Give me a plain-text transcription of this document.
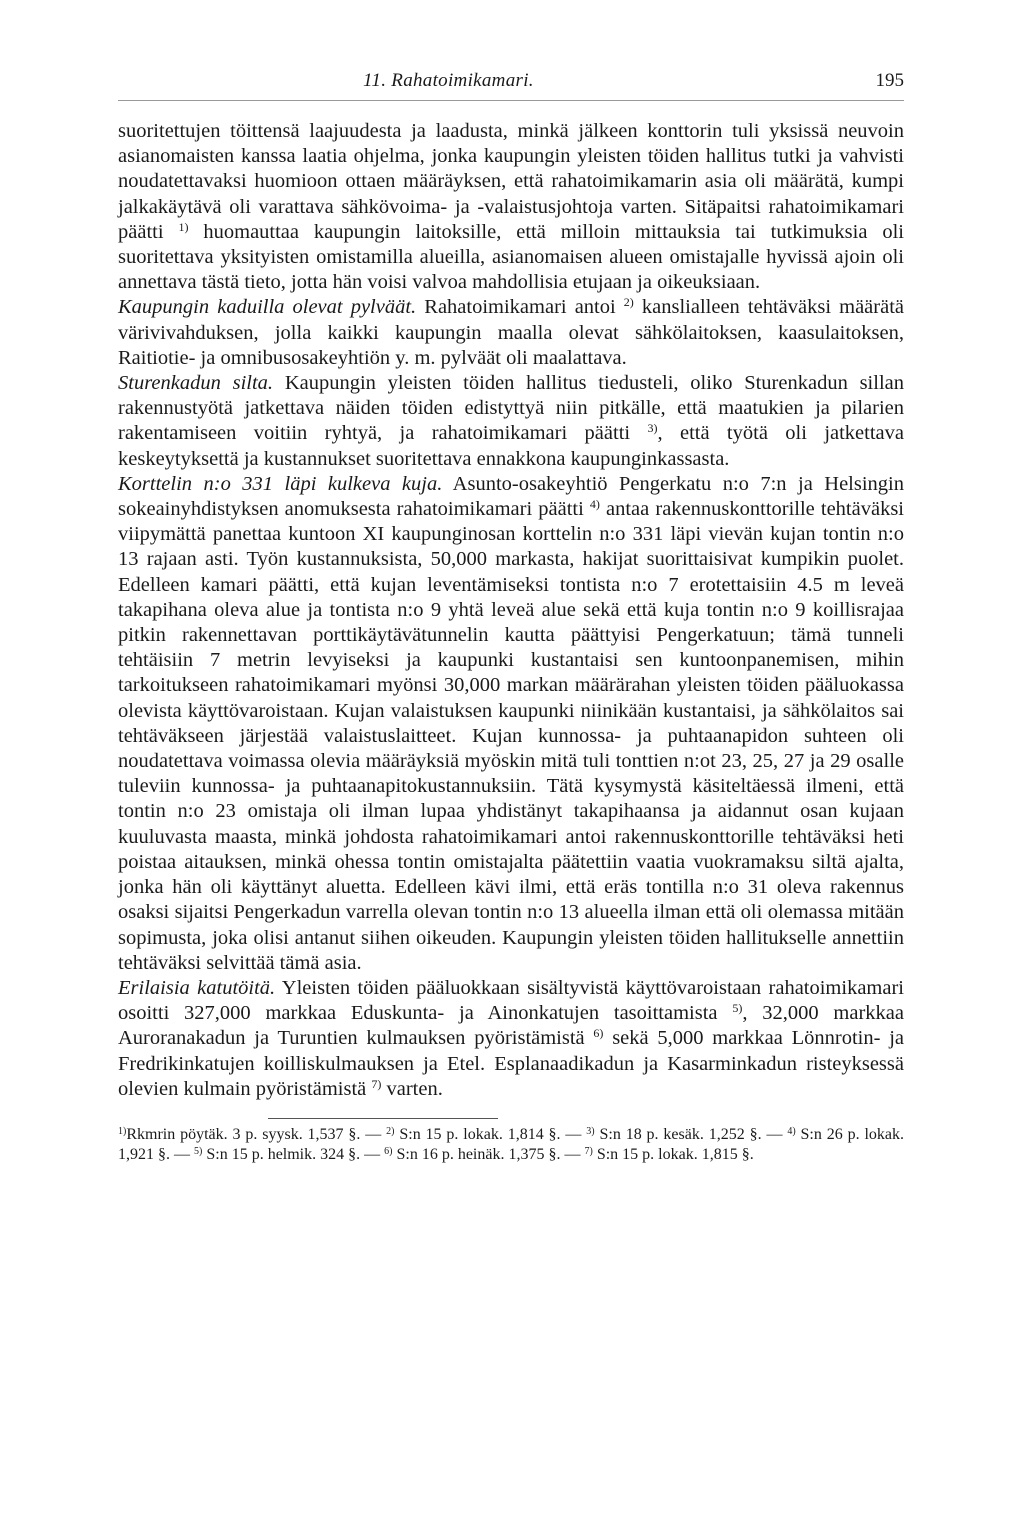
11. Rahatoimikamari.	195

suoritettujen töittensä laajuudesta ja laadusta, minkä jälkeen konttorin tuli yksissä neuvoin asianomaisten kanssa laatia ohjelma, jonka kaupungin yleisten töiden hallitus tutki ja vahvisti noudatettavaksi huomioon ottaen määräyksen, että rahatoimikamarin asia oli määrätä, kumpi jalkakäytävä oli varattava sähkövoima- ja -valaistusjohtoja varten. Sitäpaitsi rahatoimikamari päätti $^{1)}$ huomauttaa kaupungin laitoksille, että milloin mittauksia tai tutkimuksia oli suoritettava yksityisten omistamilla alueilla, asianomaisen alueen omistajalle hyvissä ajoin oli annettava tästä tieto, jotta hän voisi valvoa mahdollisia etujaan ja oikeuksiaan.

Kaupungin kaduilla olevat pylväät. Rahatoimikamari antoi $^{2)}$ kanslialleen tehtäväksi määrätä värivivahduksen, jolla kaikki kaupungin maalla olevat sähkölaitoksen, kaasulaitoksen, Raitiotie- ja omnibusosakeyhtiön y. m. pylväät oli maalattava.

Sturenkadun silta. Kaupungin yleisten töiden hallitus tiedusteli, oliko Sturenkadun sillan rakennustyötä jatkettava näiden töiden edistyttyä niin pitkälle, että maatukien ja pilarien rakentamiseen voitiin ryhtyä, ja rahatoimikamari päätti $^{3)}$, että työtä oli jatkettava keskeytyksettä ja kustannukset suoritettava ennakkona kaupunginkassasta.

Korttelin n:o 331 läpi kulkeva kuja. Asunto-osakeyhtiö Pengerkatu n:o 7:n ja Helsingin sokeainyhdistyksen anomuksesta rahatoimikamari päätti $^{4)}$ antaa rakennuskonttorille tehtäväksi viipymättä panettaa kuntoon XI kaupunginosan korttelin n:o 331 läpi vievän kujan tontin n:o 13 rajaan asti. Työn kustannuksista, 50,000 markasta, hakijat suorittaisivat kumpikin puolet. Edelleen kamari päätti, että kujan leventämiseksi tontista n:o 7 erotettaisiin 4.5 m leveä takapihana oleva alue ja tontista n:o 9 yhtä leveä alue sekä että kuja tontin n:o 9 koillisrajaa pitkin rakennettavan porttikäytävätunnelin kautta päättyisi Pengerkatuun; tämä tunneli tehtäisiin 7 metrin levyiseksi ja kaupunki kustantaisi sen kuntoonpanemisen, mihin tarkoitukseen rahatoimikamari myönsi 30,000 markan määrärahan yleisten töiden pääluokassa olevista käyttövaroistaan. Kujan valaistuksen kaupunki niinikään kustantaisi, ja sähkölaitos sai tehtäväkseen järjestää valaistuslaitteet. Kujan kunnossa- ja puhtaanapidon suhteen oli noudatettava voimassa olevia määräyksiä myöskin mitä tuli tonttien n:ot 23, 25, 27 ja 29 osalle tuleviin kunnossa- ja puhtaanapitokustannuksiin. Tätä kysymystä käsiteltäessä ilmeni, että tontin n:o 23 omistaja oli ilman lupaa yhdistänyt takapihaansa ja aidannut osan kujaan kuuluvasta maasta, minkä johdosta rahatoimikamari antoi rakennuskonttorille tehtäväksi heti poistaa aitauksen, minkä ohessa tontin omistajalta päätettiin vaatia vuokramaksu siltä ajalta, jonka hän oli käyttänyt aluetta. Edelleen kävi ilmi, että eräs tontilla n:o 31 oleva rakennus osaksi sijaitsi Pengerkadun varrella olevan tontin n:o 13 alueella ilman että oli olemassa mitään sopimusta, joka olisi antanut siihen oikeuden. Kaupungin yleisten töiden hallitukselle annettiin tehtäväksi selvittää tämä asia.

Erilaisia katutöitä. Yleisten töiden pääluokkaan sisältyvistä käyttövaroistaan rahatoimikamari osoitti 327,000 markkaa Eduskunta- ja Ainonkatujen tasoittamista $^{5)}$, 32,000 markkaa Auroranakadun ja Turuntien kulmauksen pyöristämistä $^{6)}$ sekä 5,000 markkaa Lönnrotin- ja Fredrikinkatujen koilliskulmauksen ja Etel. Esplanaadikadun ja Kasarminkadun risteyksessä olevien kulmain pyöristämistä $^{7)}$ varten.

$^{1)}$Rkmrin pöytäk. 3 p. syysk. 1,537 §. — $^{2)}$ S:n 15 p. lokak. 1,814 §. — $^{3)}$ S:n 18 p. kesäk. 1,252 §. — $^{4)}$ S:n 26 p. lokak. 1,921 §. — $^{5)}$ S:n 15 p. helmik. 324 §. — $^{6)}$ S:n 16 p. heinäk. 1,375 §. — $^{7)}$ S:n 15 p. lokak. 1,815 §.
